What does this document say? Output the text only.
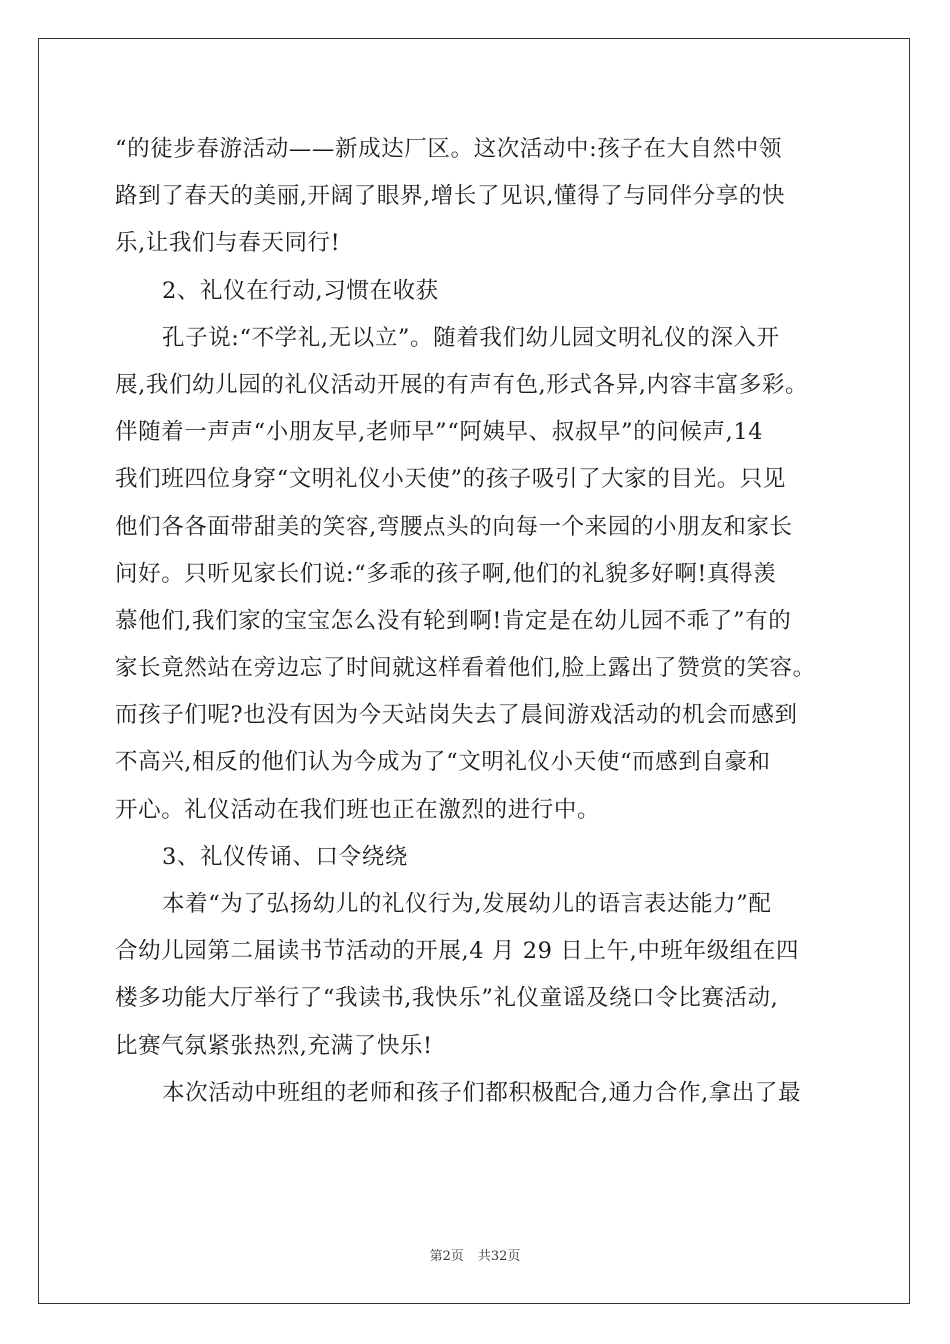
“的徒步春游活动——新成达厂区。这次活动中:孩子在大自然中领
路到了春天的美丽,开阔了眼界,增长了见识,懂得了与同伴分享的快
乐,让我们与春天同行!
2、礼仪在行动,习惯在收获
孔子说:“不学礼,无以立”。随着我们幼儿园文明礼仪的深入开
展,我们幼儿园的礼仪活动开展的有声有色,形式各异,内容丰富多彩。
伴随着一声声“小朋友早,老师早”“阿姨早、叔叔早”的问候声,14
我们班四位身穿“文明礼仪小天使”的孩子吸引了大家的目光。只见
他们各各面带甜美的笑容,弯腰点头的向每一个来园的小朋友和家长
问好。只听见家长们说:“多乖的孩子啊,他们的礼貌多好啊!真得羡
慕他们,我们家的宝宝怎么没有轮到啊!肯定是在幼儿园不乖了”有的
家长竟然站在旁边忘了时间就这样看着他们,脸上露出了赞赏的笑容。
而孩子们呢?也没有因为今天站岗失去了晨间游戏活动的机会而感到
不高兴,相反的他们认为今成为了“文明礼仪小天使“而感到自豪和
开心。礼仪活动在我们班也正在激烈的进行中。
3、礼仪传诵、口令绕绕
本着“为了弘扬幼儿的礼仪行为,发展幼儿的语言表达能力”配
合幼儿园第二届读书节活动的开展,4 月 29 日上午,中班年级组在四
楼多功能大厅举行了“我读书,我快乐”礼仪童谣及绕口令比赛活动,
比赛气氛紧张热烈,充满了快乐!
本次活动中班组的老师和孩子们都积极配合,通力合作,拿出了最
第2页 共32页
